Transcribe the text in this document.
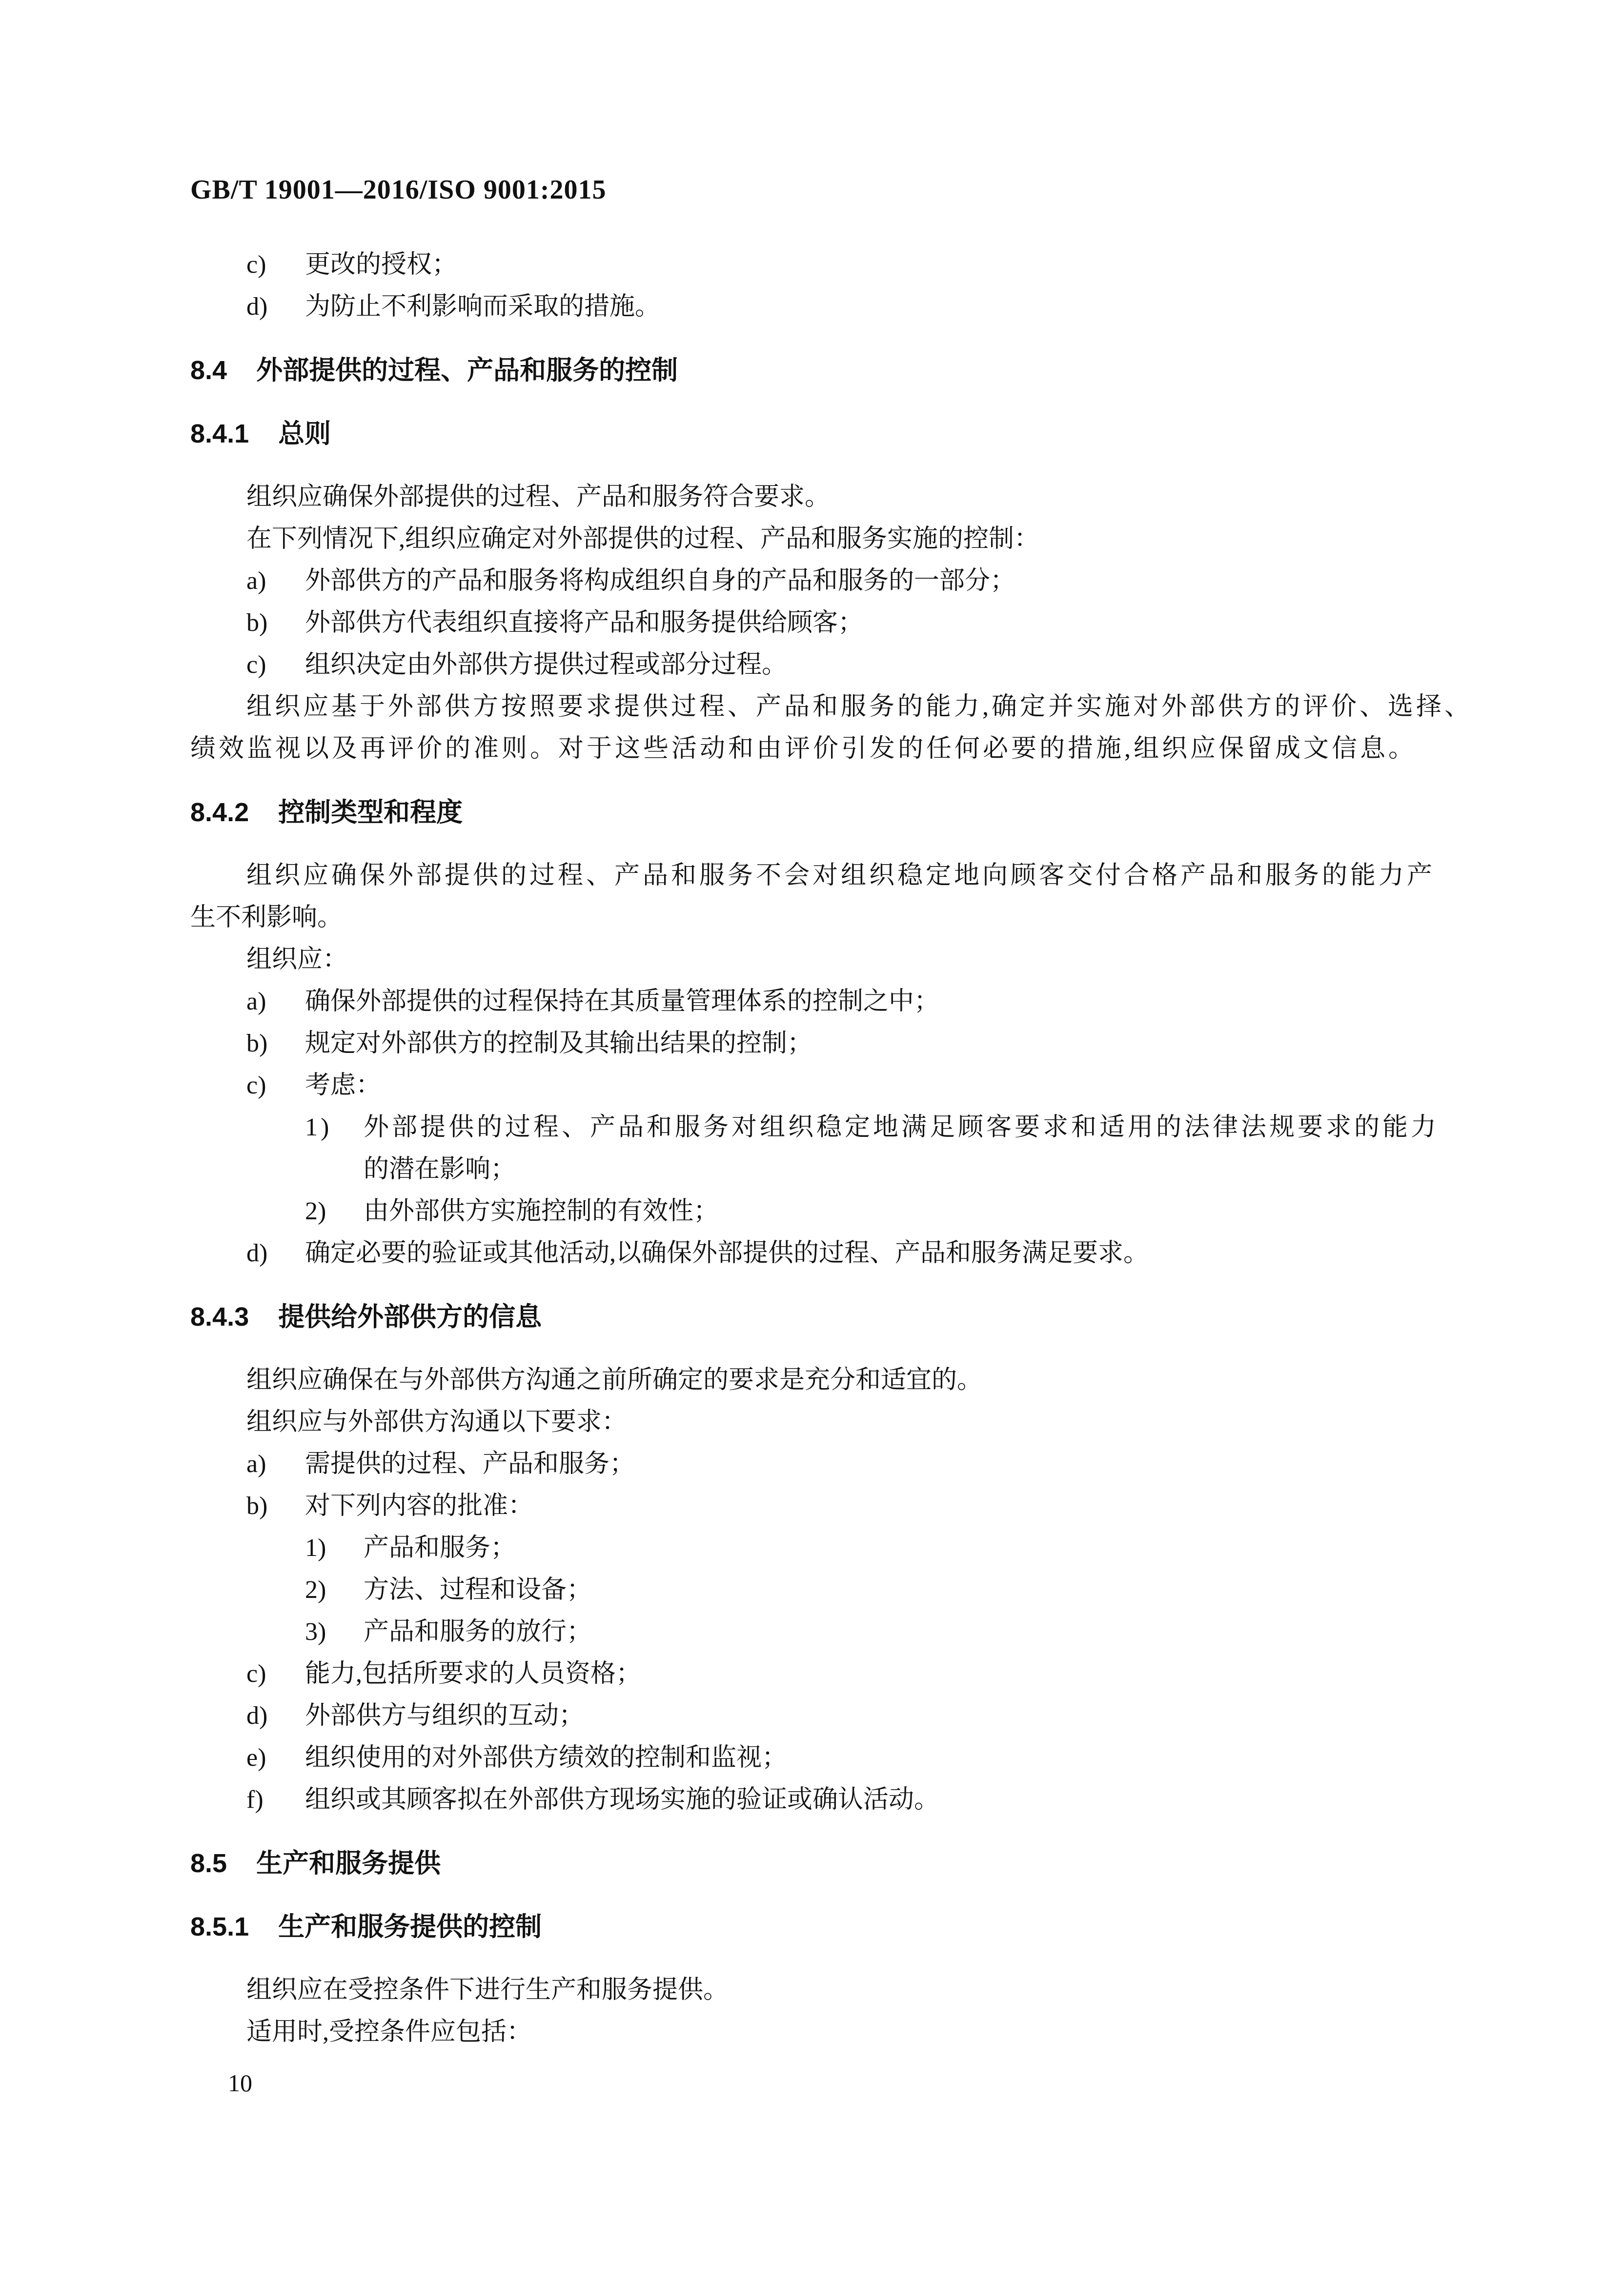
GB/T 19001—2016/ISO 9001:2015
c) 更改的授权；
d) 为防止不利影响而采取的措施。
8.4 外部提供的过程、产品和服务的控制
8.4.1 总则
组织应确保外部提供的过程、产品和服务符合要求。
在下列情况下,组织应确定对外部提供的过程、产品和服务实施的控制：
a) 外部供方的产品和服务将构成组织自身的产品和服务的一部分；
b) 外部供方代表组织直接将产品和服务提供给顾客；
c) 组织决定由外部供方提供过程或部分过程。
组织应基于外部供方按照要求提供过程、产品和服务的能力,确定并实施对外部供方的评价、选择、
绩效监视以及再评价的准则。对于这些活动和由评价引发的任何必要的措施,组织应保留成文信息。
8.4.2 控制类型和程度
组织应确保外部提供的过程、产品和服务不会对组织稳定地向顾客交付合格产品和服务的能力产
生不利影响。
组织应：
a) 确保外部提供的过程保持在其质量管理体系的控制之中；
b) 规定对外部供方的控制及其输出结果的控制；
c) 考虑：
1) 外部提供的过程、产品和服务对组织稳定地满足顾客要求和适用的法律法规要求的能力
的潜在影响；
2) 由外部供方实施控制的有效性；
d) 确定必要的验证或其他活动,以确保外部提供的过程、产品和服务满足要求。
8.4.3 提供给外部供方的信息
组织应确保在与外部供方沟通之前所确定的要求是充分和适宜的。
组织应与外部供方沟通以下要求：
a) 需提供的过程、产品和服务；
b) 对下列内容的批准：
1) 产品和服务；
2) 方法、过程和设备；
3) 产品和服务的放行；
c) 能力,包括所要求的人员资格；
d) 外部供方与组织的互动；
e) 组织使用的对外部供方绩效的控制和监视；
f) 组织或其顾客拟在外部供方现场实施的验证或确认活动。
8.5 生产和服务提供
8.5.1 生产和服务提供的控制
组织应在受控条件下进行生产和服务提供。
适用时,受控条件应包括：
10
